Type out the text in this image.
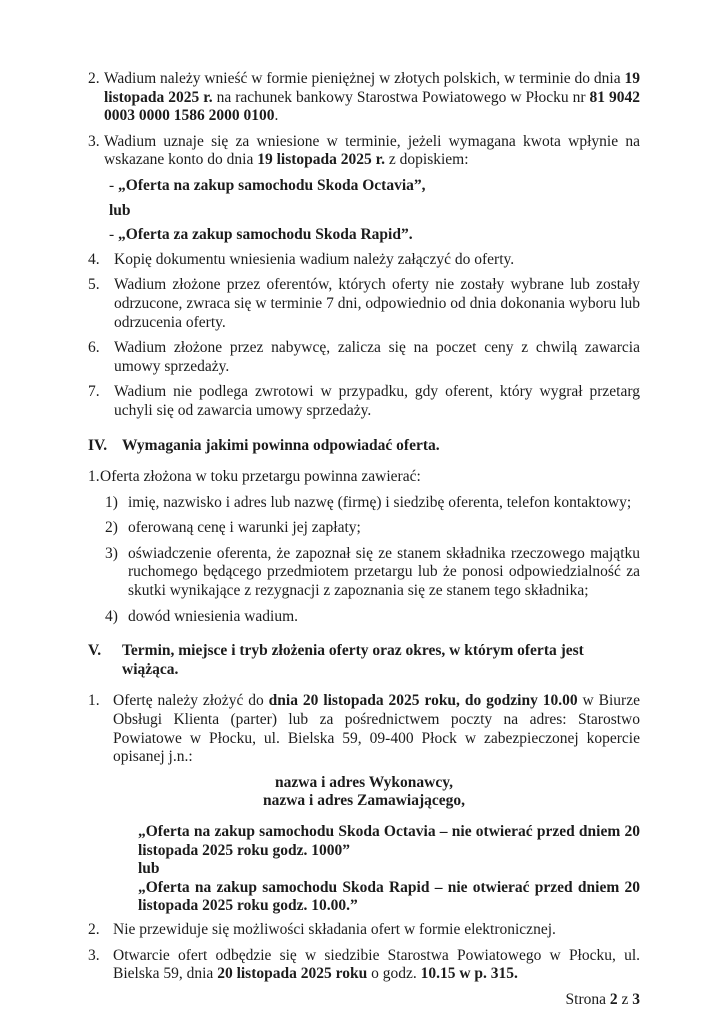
2. Wadium należy wnieść w formie pieniężnej w złotych polskich, w terminie do dnia 19 listopada 2025 r. na rachunek bankowy Starostwa Powiatowego w Płocku nr 81 9042 0003 0000 1586 2000 0100.
3. Wadium uznaje się za wniesione w terminie, jeżeli wymagana kwota wpłynie na wskazane konto do dnia 19 listopada 2025 r. z dopiskiem:
- „Oferta na zakup samochodu Skoda Octavia”,
lub
- „Oferta za zakup samochodu Skoda Rapid”.
4. Kopię dokumentu wniesienia wadium należy załączyć do oferty.
5. Wadium złożone przez oferentów, których oferty nie zostały wybrane lub zostały odrzucone, zwraca się w terminie 7 dni, odpowiednio od dnia dokonania wyboru lub odrzucenia oferty.
6. Wadium złożone przez nabywcę, zalicza się na poczet ceny z chwilą zawarcia umowy sprzedaży.
7. Wadium nie podlega zwrotowi w przypadku, gdy oferent, który wygrał przetarg uchyli się od zawarcia umowy sprzedaży.
IV. Wymagania jakimi powinna odpowiadać oferta.
1. Oferta złożona w toku przetargu powinna zawierać:
1) imię, nazwisko i adres lub nazwę (firmę) i siedzibę oferenta, telefon kontaktowy;
2) oferowaną cenę i warunki jej zapłaty;
3) oświadczenie oferenta, że zapoznał się ze stanem składnika rzeczowego majątku ruchomego będącego przedmiotem przetargu lub że ponosi odpowiedzialność za skutki wynikające z rezygnacji z zapoznania się ze stanem tego składnika;
4) dowód wniesienia wadium.
V. Termin, miejsce i tryb złożenia oferty oraz okres, w którym oferta jest wiążąca.
1. Ofertę należy złożyć do dnia 20 listopada 2025 roku, do godziny 10.00 w Biurze Obsługi Klienta (parter) lub za pośrednictwem poczty na adres: Starostwo Powiatowe w Płocku, ul. Bielska 59, 09-400 Płock w zabezpieczonej kopercie opisanej j.n.:
nazwa i adres Wykonawcy,
nazwa i adres Zamawiającego,
„Oferta na zakup samochodu Skoda Octavia – nie otwierać przed dniem 20 listopada 2025 roku godz. 1000”
lub
„Oferta na zakup samochodu Skoda Rapid – nie otwierać przed dniem 20 listopada 2025 roku godz. 10.00.”
2. Nie przewiduje się możliwości składania ofert w formie elektronicznej.
3. Otwarcie ofert odbędzie się w siedzibie Starostwa Powiatowego w Płocku, ul. Bielska 59, dnia 20 listopada 2025 roku o godz. 10.15 w p. 315.
Strona 2 z 3
